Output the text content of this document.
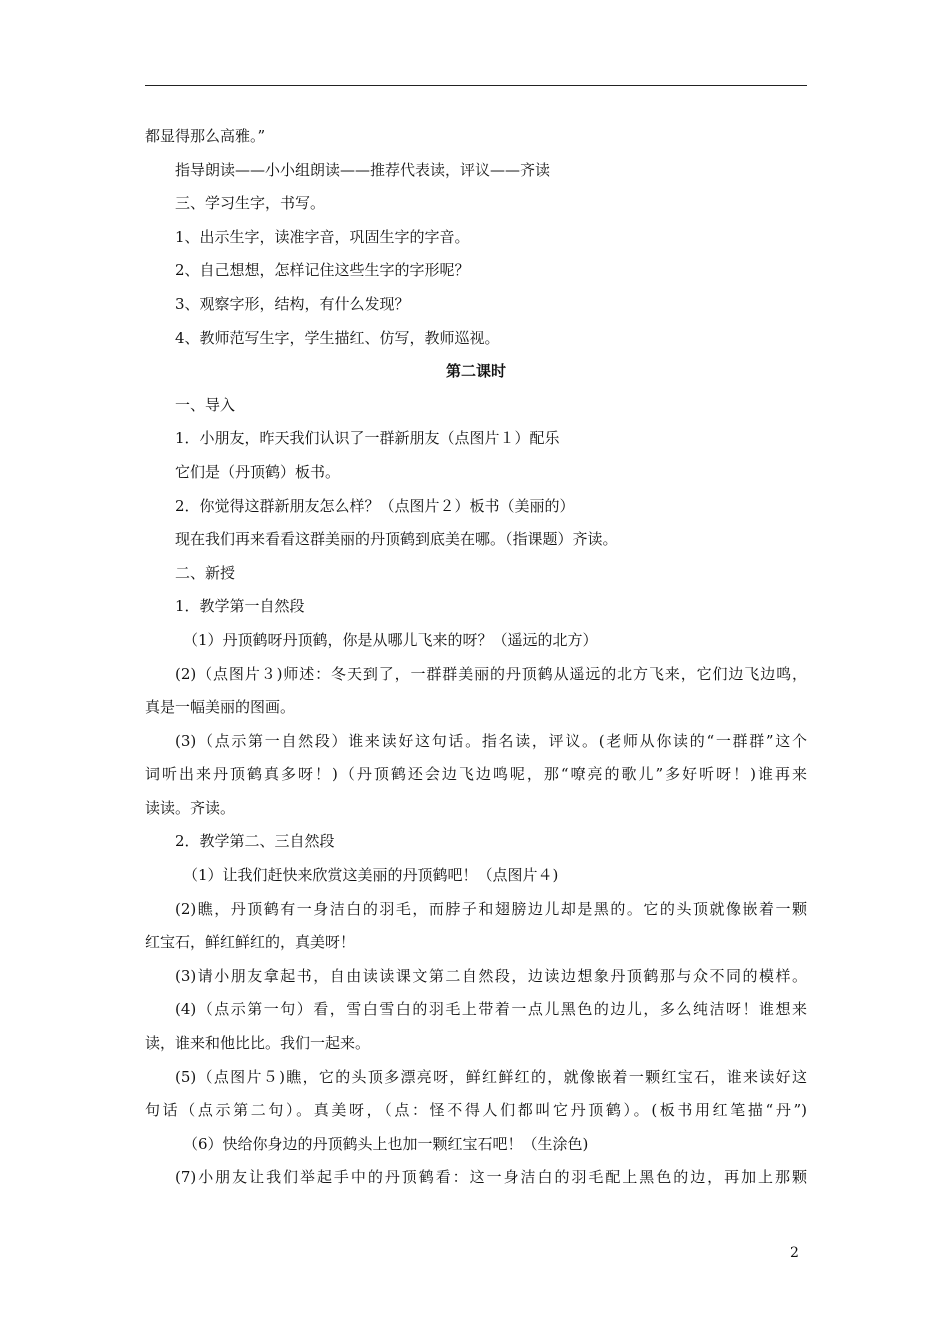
都显得那么高雅。”
指导朗读——小小组朗读——推荐代表读，评议——齐读
三、学习生字，书写。
1、出示生字，读准字音，巩固生字的字音。
2、自己想想，怎样记住这些生字的字形呢？
3、观察字形，结构，有什么发现？
4、教师范写生字，学生描红、仿写，教师巡视。
第二课时
一、导入
1．小朋友，昨天我们认识了一群新朋友（点图片１）配乐
它们是（丹顶鹤）板书。
2．你觉得这群新朋友怎么样？（点图片２）板书（美丽的）
现在我们再来看看这群美丽的丹顶鹤到底美在哪。（指课题）齐读。
二、新授
1．教学第一自然段
（1）丹顶鹤呀丹顶鹤，你是从哪儿飞来的呀？（遥远的北方）
(2)（点图片３)师述：冬天到了，一群群美丽的丹顶鹤从遥远的北方飞来，它们边飞边鸣，
真是一幅美丽的图画。
(3)（点示第一自然段）谁来读好这句话。指名读，评议。(老师从你读的“一群群”这个
词听出来丹顶鹤真多呀！)（丹顶鹤还会边飞边鸣呢，那“嘹亮的歌儿”多好听呀！)谁再来
读读。齐读。
2．教学第二、三自然段
（1）让我们赶快来欣赏这美丽的丹顶鹤吧！（点图片４)
(2)瞧，丹顶鹤有一身洁白的羽毛，而脖子和翅膀边儿却是黑的。它的头顶就像嵌着一颗
红宝石，鲜红鲜红的，真美呀！
(3)请小朋友拿起书，自由读读课文第二自然段，边读边想象丹顶鹤那与众不同的模样。
(4)（点示第一句）看，雪白雪白的羽毛上带着一点儿黑色的边儿，多么纯洁呀！谁想来
读，谁来和他比比。我们一起来。
(5)（点图片５)瞧，它的头顶多漂亮呀，鲜红鲜红的，就像嵌着一颗红宝石，谁来读好这
句话（点示第二句）。真美呀，（点：怪不得人们都叫它丹顶鹤）。(板书用红笔描“丹”)
（6）快给你身边的丹顶鹤头上也加一颗红宝石吧！（生涂色)
(7)小朋友让我们举起手中的丹顶鹤看：这一身洁白的羽毛配上黑色的边，再加上那颗
2
